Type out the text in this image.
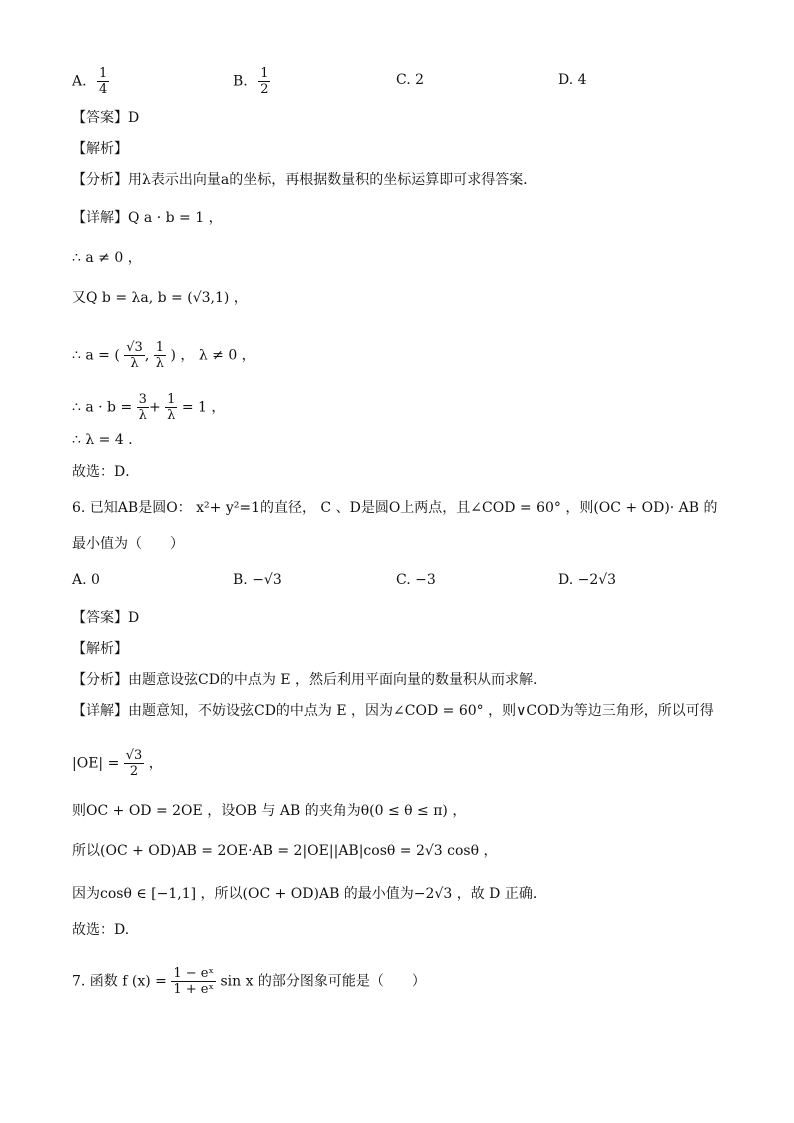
A. $\frac{1}{4}$	B. $\frac{1}{2}$	C. 2	D. 4
【答案】D
【解析】
【分析】用λ表示出向量a的坐标，再根据数量积的坐标运算即可求得答案．
【详解】Q a · b = 1 ，
∴ a ≠ 0 ，
又Q b = λa, b = (√3,1) ，
∴ a = ( $\frac{√3}{\lambda}$ , $\frac{1}{\lambda}$ ) ， λ ≠ 0 ，
∴ $a \cdot b = \frac{3}{\lambda} + \frac{1}{\lambda} = 1$ ，
∴ λ = 4 ．
故选：D．
6. 已知AB是圆O： x²+ y²=1的直径， C 、D是圆O上两点，且∠COD = 60° ，则(OC + OD)· AB 的
最小值为（　　）
A. 0	B. −√3	C. −3	D. −2√3
【答案】D
【解析】
【分析】由题意设弦CD的中点为 E ，然后利用平面向量的数量积从而求解.
【详解】由题意知，不妨设弦CD的中点为 E ，因为∠COD = 60° ，则∨COD为等边三角形，所以可得
$|OE| = \frac{√3}{2}$ ，
则OC + OD = 2OE ，设OB 与 AB 的夹角为θ(0 ≤ θ ≤ π) ，
所以(OC + OD)AB = 2OE·AB = 2|OE||AB|cosθ = 2√3 cosθ ，
因为cosθ ∈ [−1,1] ，所以(OC + OD)AB 的最小值为−2√3 ，故 D 正确.
故选：D.
7. 函数 f $(x) = \frac{\text{1 − eˣ}}{\text{1 + eˣ}}$ sin x 的部分图象可能是（　　）
